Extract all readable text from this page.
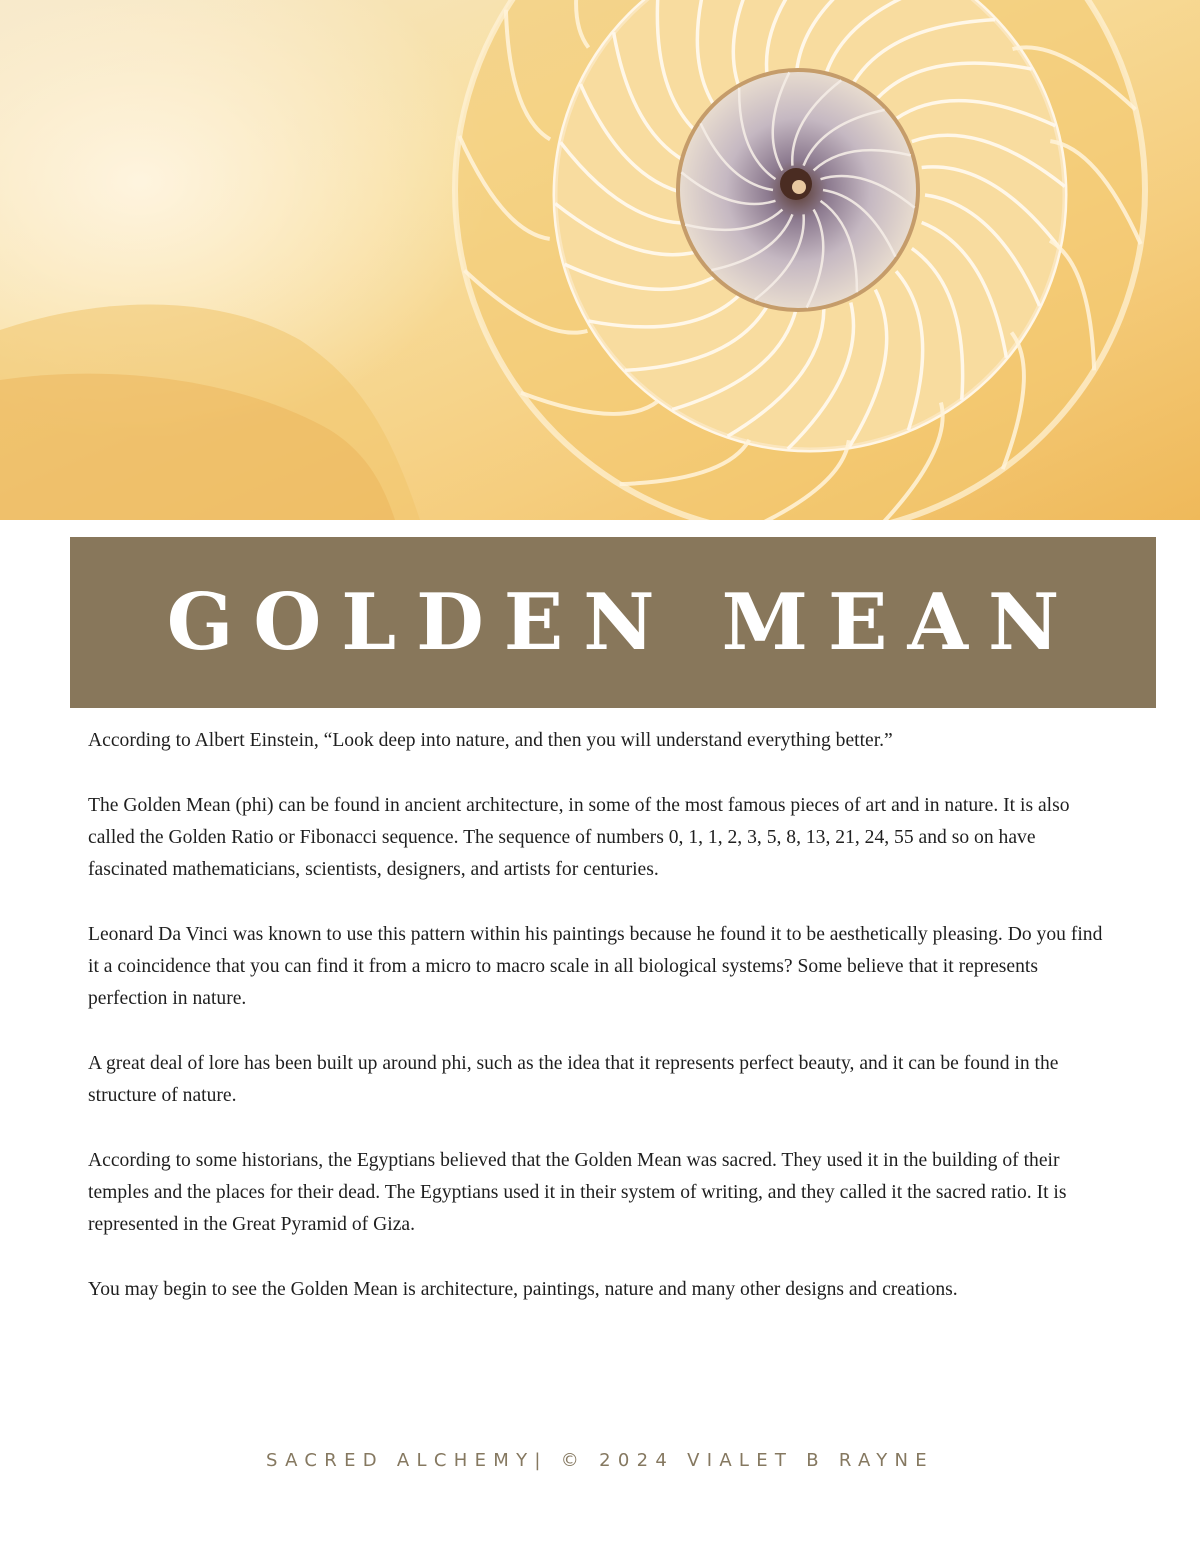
GOLDEN MEAN

According to Albert Einstein, “Look deep into nature, and then you will understand everything better.”

The Golden Mean (phi) can be found in ancient architecture, in some of the most famous pieces of art and in nature. It is also called the Golden Ratio or Fibonacci sequence. The sequence of numbers 0, 1, 1, 2, 3, 5, 8, 13, 21, 24, 55 and so on have fascinated mathematicians, scientists, designers, and artists for centuries.

Leonard Da Vinci was known to use this pattern within his paintings because he found it to be aesthetically pleasing. Do you find it a coincidence that you can find it from a micro to macro scale in all biological systems? Some believe that it represents perfection in nature.

A great deal of lore has been built up around phi, such as the idea that it represents perfect beauty, and it can be found in the structure of nature.

According to some historians, the Egyptians believed that the Golden Mean was sacred. They used it in the building of their temples and the places for their dead. The Egyptians used it in their system of writing, and they called it the sacred ratio. It is represented in the Great Pyramid of Giza.

You may begin to see the Golden Mean is architecture, paintings, nature and many other designs and creations.

SACRED ALCHEMY| © 2024 VIALET B RAYNE
